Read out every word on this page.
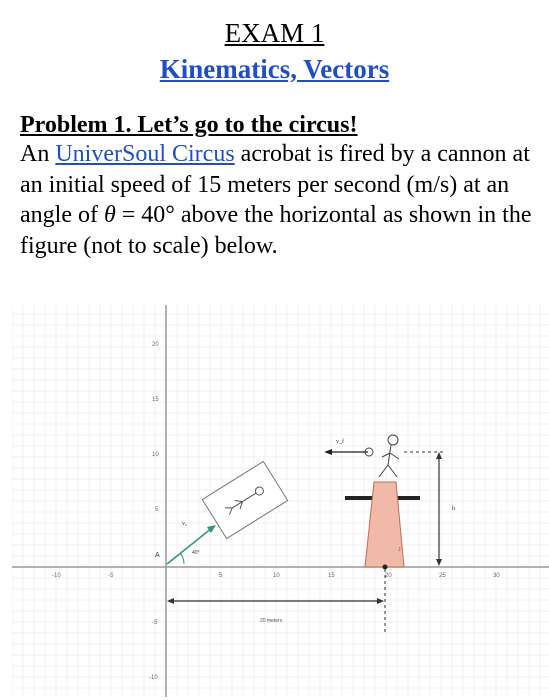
EXAM 1
Kinematics, Vectors
Problem 1. Let’s go to the circus!
An UniverSoul Circus acrobat is fired by a cannon at an initial speed of 15 meters per second (m/s) at an angle of θ = 40° above the horizontal as shown in the figure (not to scale) below.
20
15
10
5
-5
-10
-10	-5	5	10	15	20	25	30
A	40°
v₀
J
v_f
h
20 meters
